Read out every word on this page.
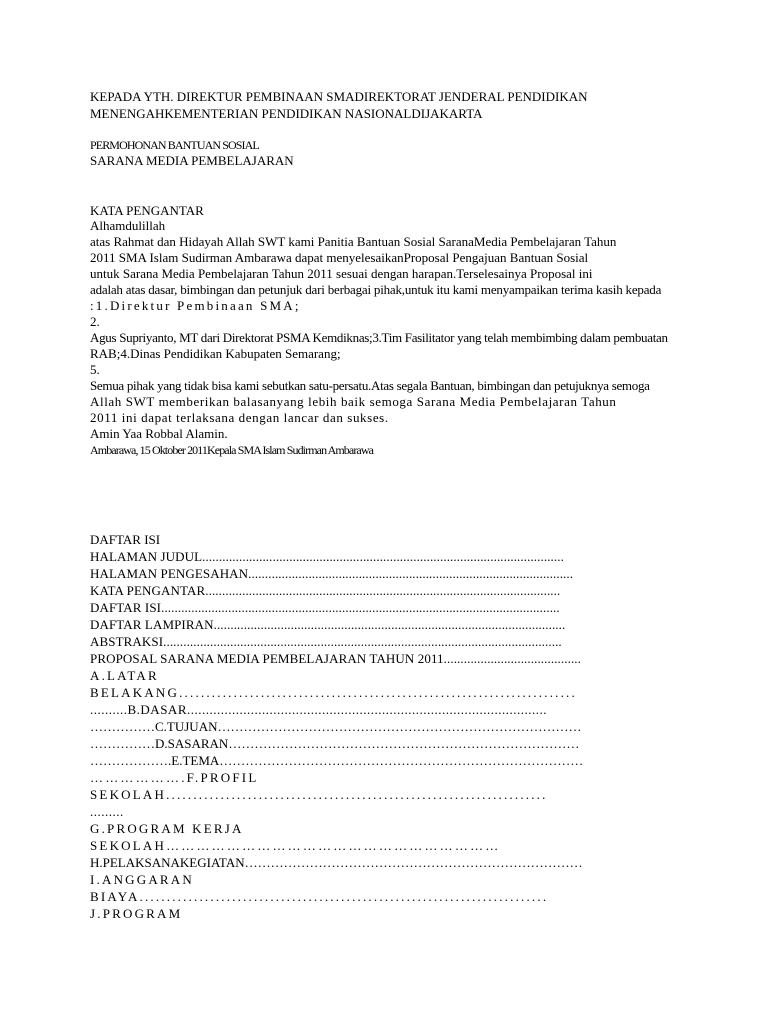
KEPADA YTH. DIREKTUR PEMBINAAN SMADIREKTORAT JENDERAL PENDIDIKAN
MENENGAHKEMENTERIAN PENDIDIKAN NASIONALDIJAKARTA
PERMOHONAN BANTUAN SOSIAL
SARANA MEDIA PEMBELAJARAN
KATA PENGANTAR
Alhamdulillah
atas Rahmat dan Hidayah Allah SWT kami Panitia Bantuan Sosial SaranaMedia Pembelajaran Tahun
2011 SMA Islam Sudirman Ambarawa dapat menyelesaikanProposal Pengajuan Bantuan Sosial
untuk Sarana Media Pembelajaran Tahun 2011 sesuai dengan harapan.Terselesainya Proposal ini
adalah atas dasar, bimbingan dan petunjuk dari berbagai pihak,untuk itu kami menyampaikan terima kasih kepada
:1.Direktur Pembinaan SMA;
2.
Agus Supriyanto, MT dari Direktorat PSMA Kemdiknas;3.Tim Fasilitator yang telah membimbing dalam pembuatan
RAB;4.Dinas Pendidikan Kabupaten Semarang;
5.
Semua pihak yang tidak bisa kami sebutkan satu-persatu.Atas segala Bantuan, bimbingan dan petujuknya semoga
Allah SWT memberikan balasanyang lebih baik semoga Sarana Media Pembelajaran Tahun
2011 ini dapat terlaksana dengan lancar dan sukses.
Amin Yaa Robbal Alamin.
Ambarawa, 15 Oktober 2011Kepala SMA Islam Sudirman Ambarawa
DAFTAR ISI
HALAMAN JUDUL............................................................................................................
HALAMAN PENGESAHAN.................................................................................................
KATA PENGANTAR..........................................................................................................
DAFTAR ISI.......................................................................................................................
DAFTAR LAMPIRAN.........................................................................................................
ABSTRAKSI.......................................................................................................................
PROPOSAL SARANA MEDIA PEMBELAJARAN TAHUN 2011.........................................
A.LATAR
BELAKANG.........................................................................
..........B.DASAR................................................................................................
……………C.TUJUAN…………………………………………………………………………
……………D.SASARAN………………………………………………………………………
……………….E.TEMA…………………………………………………………………………
……………….F.PROFIL
SEKOLAH......................................................................
.........
G.PROGRAM KERJA
SEKOLAH…………………………………………………………
H.PELAKSANAKEGIATAN……………………………………………………………………
I.ANGGARAN
BIAYA...........................................................................
J.PROGRAM
